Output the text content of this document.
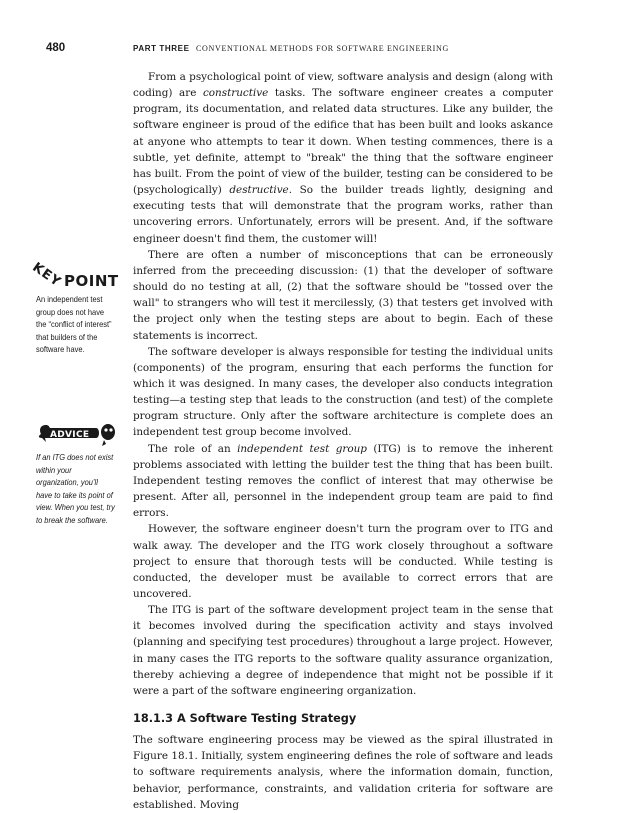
480	PART THREE CONVENTIONAL METHODS FOR SOFTWARE ENGINEERING
KEY POINT
An independent test group does not have the “conflict of interest” that builders of the software have.
ADVICE
If an ITG does not exist within your organization, you’ll have to take its point of view. When you test, try to break the software.

From a psychological point of view, software analysis and design (along with coding) are constructive tasks. The software engineer creates a computer program, its documentation, and related data structures. Like any builder, the software engineer is proud of the edifice that has been built and looks askance at anyone who attempts to tear it down. When testing commences, there is a subtle, yet definite, attempt to "break" the thing that the software engineer has built. From the point of view of the builder, testing can be considered to be (psychologically) destructive. So the builder treads lightly, designing and executing tests that will demonstrate that the program works, rather than uncovering errors. Unfortunately, errors will be present. And, if the software engineer doesn't find them, the customer will!

There are often a number of misconceptions that can be erroneously inferred from the preceeding discussion: (1) that the developer of software should do no testing at all, (2) that the software should be "tossed over the wall" to strangers who will test it mercilessly, (3) that testers get involved with the project only when the testing steps are about to begin. Each of these statements is incorrect.

The software developer is always responsible for testing the individual units (components) of the program, ensuring that each performs the function for which it was designed. In many cases, the developer also conducts integration testing—a testing step that leads to the construction (and test) of the complete program structure. Only after the software architecture is complete does an independent test group become involved.

The role of an independent test group (ITG) is to remove the inherent problems associated with letting the builder test the thing that has been built. Independent testing removes the conflict of interest that may otherwise be present. After all, personnel in the independent group team are paid to find errors.

However, the software engineer doesn't turn the program over to ITG and walk away. The developer and the ITG work closely throughout a software project to ensure that thorough tests will be conducted. While testing is conducted, the developer must be available to correct errors that are uncovered.

The ITG is part of the software development project team in the sense that it becomes involved during the specification activity and stays involved (planning and specifying test procedures) throughout a large project. However, in many cases the ITG reports to the software quality assurance organization, thereby achieving a degree of independence that might not be possible if it were a part of the software engineering organization.

18.1.3 A Software Testing Strategy

The software engineering process may be viewed as the spiral illustrated in Figure 18.1. Initially, system engineering defines the role of software and leads to software requirements analysis, where the information domain, function, behavior, performance, constraints, and validation criteria for software are established. Moving
